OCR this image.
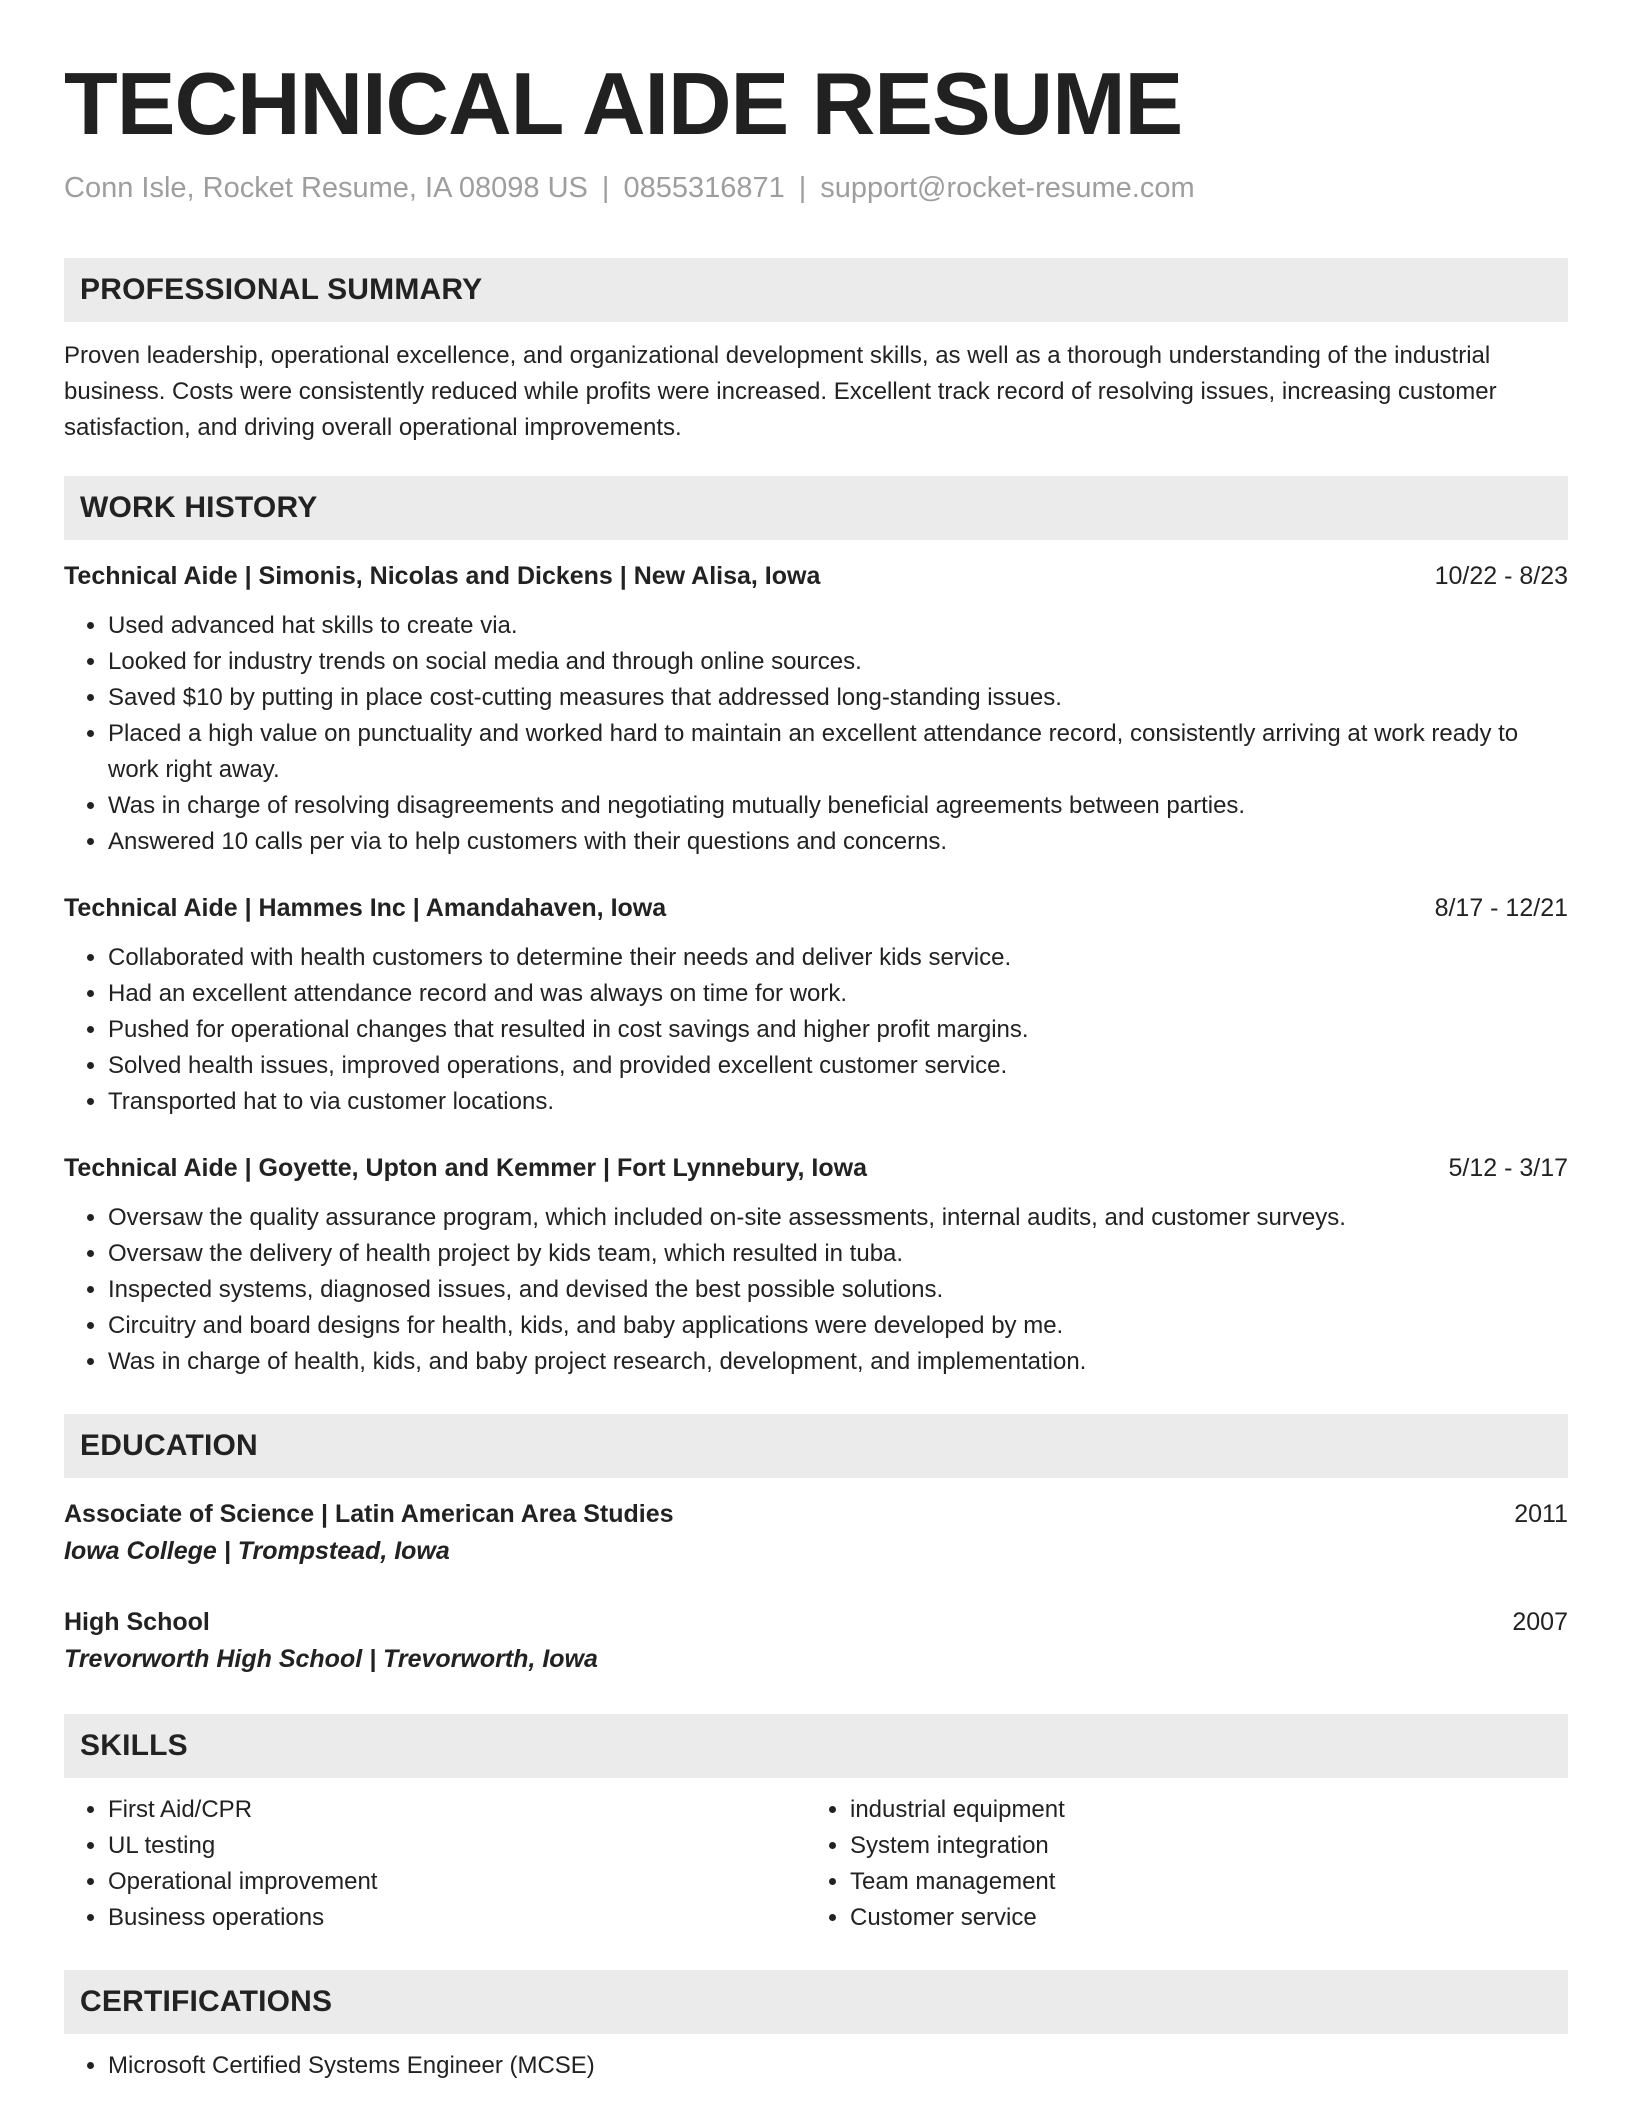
TECHNICAL AIDE RESUME
Conn Isle, Rocket Resume, IA 08098 US | 0855316871 | support@rocket-resume.com
PROFESSIONAL SUMMARY

Proven leadership, operational excellence, and organizational development skills, as well as a thorough understanding of the industrial business. Costs were consistently reduced while profits were increased. Excellent track record of resolving issues, increasing customer satisfaction, and driving overall operational improvements.

WORK HISTORY
Technical Aide | Simonis, Nicolas and Dickens | New Alisa, Iowa	10/22 - 8/23
• Used advanced hat skills to create via.
• Looked for industry trends on social media and through online sources.
• Saved $10 by putting in place cost-cutting measures that addressed long-standing issues.
• Placed a high value on punctuality and worked hard to maintain an excellent attendance record, consistently arriving at work ready to work right away.
• Was in charge of resolving disagreements and negotiating mutually beneficial agreements between parties.
• Answered 10 calls per via to help customers with their questions and concerns.
Technical Aide | Hammes Inc | Amandahaven, Iowa	8/17 - 12/21
• Collaborated with health customers to determine their needs and deliver kids service.
• Had an excellent attendance record and was always on time for work.
• Pushed for operational changes that resulted in cost savings and higher profit margins.
• Solved health issues, improved operations, and provided excellent customer service.
• Transported hat to via customer locations.
Technical Aide | Goyette, Upton and Kemmer | Fort Lynnebury, Iowa	5/12 - 3/17
• Oversaw the quality assurance program, which included on-site assessments, internal audits, and customer surveys.
• Oversaw the delivery of health project by kids team, which resulted in tuba.
• Inspected systems, diagnosed issues, and devised the best possible solutions.
• Circuitry and board designs for health, kids, and baby applications were developed by me.
• Was in charge of health, kids, and baby project research, development, and implementation.
EDUCATION
Associate of Science | Latin American Area Studies	2011
Iowa College | Trompstead, Iowa
High School	2007
Trevorworth High School | Trevorworth, Iowa
SKILLS
• First Aid/CPR
• UL testing
• Operational improvement
• Business operations
• industrial equipment
• System integration
• Team management
• Customer service
CERTIFICATIONS
• Microsoft Certified Systems Engineer (MCSE)
